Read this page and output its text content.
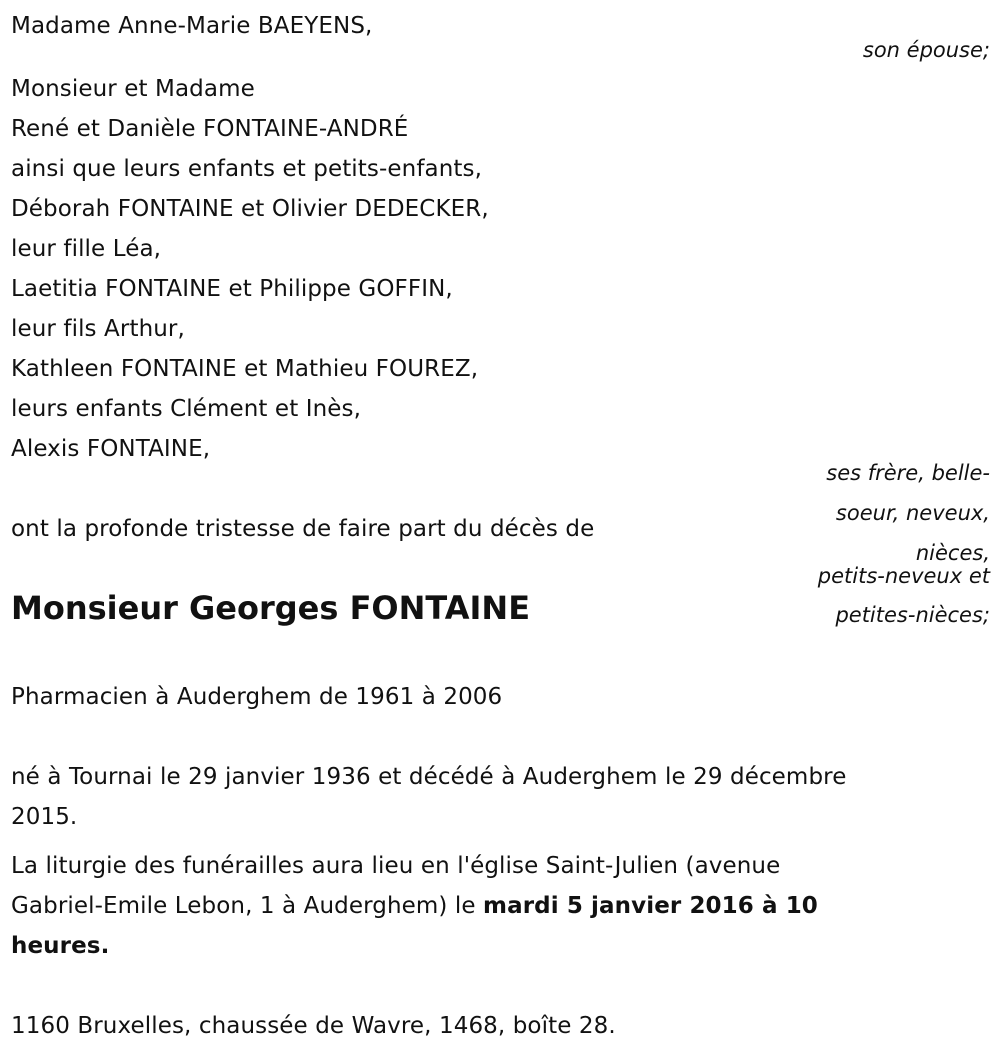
Madame Anne-Marie BAEYENS,
son épouse;
Monsieur et Madame
René et Danièle FONTAINE-ANDRÉ
ainsi que leurs enfants et petits-enfants,
Déborah FONTAINE et Olivier DEDECKER,
leur fille Léa,
Laetitia FONTAINE et Philippe GOFFIN,
leur fils Arthur,
Kathleen FONTAINE et Mathieu FOUREZ,
leurs enfants Clément et Inès,
Alexis FONTAINE,
ses frère, belle-
soeur, neveux,
nièces,
petits-neveux et
petites-nièces;
ont la profonde tristesse de faire part du décès de
Monsieur Georges FONTAINE
Pharmacien à Auderghem de 1961 à 2006
né à Tournai le 29 janvier 1936 et décédé à Auderghem le 29 décembre
2015.
La liturgie des funérailles aura lieu en l'église Saint-Julien (avenue
Gabriel-Emile Lebon, 1 à Auderghem) le mardi 5 janvier 2016 à 10
heures.
1160 Bruxelles, chaussée de Wavre, 1468, boîte 28.
